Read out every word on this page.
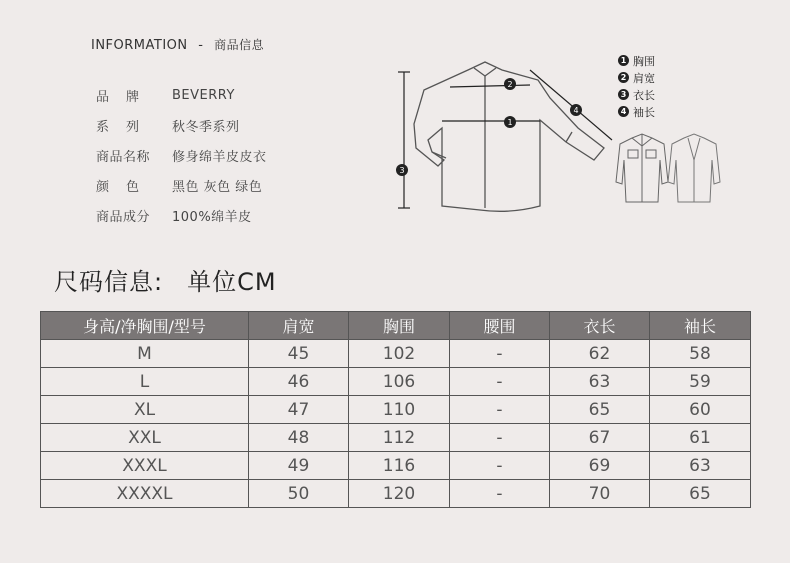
INFORMATION - 商品信息
品牌	BEVERRY
系列	秋冬季系列
商品名称	修身绵羊皮皮衣
颜色	黑色 灰色 绿色
商品成分	100%绵羊皮
1
2
3
4
1 胸围
2 肩宽
3 衣长
4 袖长
尺码信息: 单位CM
身高/净胸围/型号	肩宽	胸围	腰围	衣长	袖长
M	45	102	-	62	58
L	46	106	-	63	59
XL	47	110	-	65	60
XXL	48	112	-	67	61
XXXL	49	116	-	69	63
XXXXL	50	120	-	70	65
